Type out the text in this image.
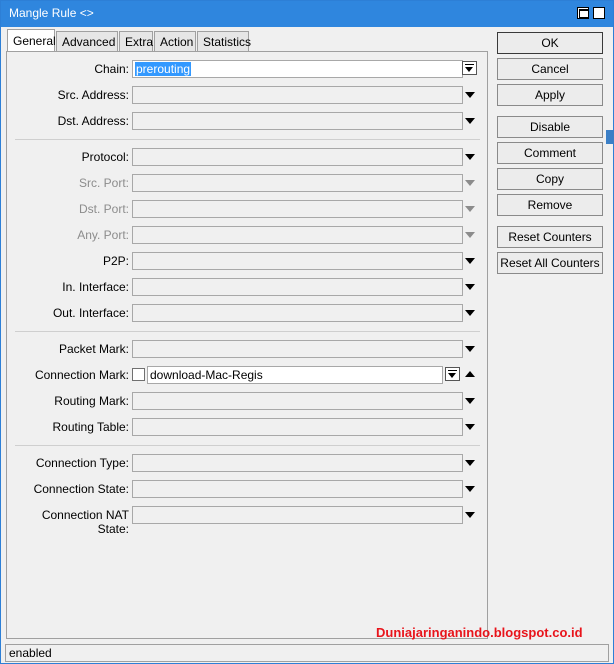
Mangle Rule <>	×
General Advanced Extra Action Statistics
Chain: prerouting
Src. Address:
Dst. Address:
Protocol:
Src. Port:
Dst. Port:
Any. Port:
P2P:
In. Interface:
Out. Interface:
Packet Mark:
Connection Mark: download-Mac-Regis
Routing Mark:
Routing Table:
Connection Type:
Connection State:
Connection NAT State:
OK
Cancel
Apply
Disable
Comment
Copy
Remove
Reset Counters
Reset All Counters
Duniajaringanindo.blogspot.co.id
enabled
